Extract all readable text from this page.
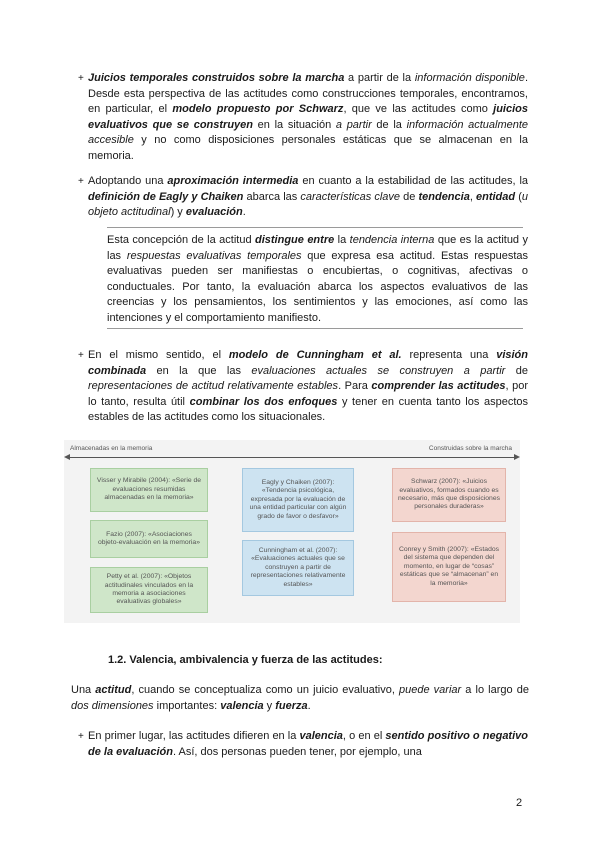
+ Juicios temporales construidos sobre la marcha a partir de la información disponible. Desde esta perspectiva de las actitudes como construcciones temporales, encontramos, en particular, el modelo propuesto por Schwarz, que ve las actitudes como juicios evaluativos que se construyen en la situación a partir de la información actualmente accesible y no como disposiciones personales estáticas que se almacenan en la memoria.
+ Adoptando una aproximación intermedia en cuanto a la estabilidad de las actitudes, la definición de Eagly y Chaiken abarca las características clave de tendencia, entidad (u objeto actitudinal) y evaluación.
Esta concepción de la actitud distingue entre la tendencia interna que es la actitud y las respuestas evaluativas temporales que expresa esa actitud. Estas respuestas evaluativas pueden ser manifiestas o encubiertas, o cognitivas, afectivas o conductuales. Por tanto, la evaluación abarca los aspectos evaluativos de las creencias y los pensamientos, los sentimientos y las emociones, así como las intenciones y el comportamiento manifiesto.
+ En el mismo sentido, el modelo de Cunningham et al. representa una visión combinada en la que las evaluaciones actuales se construyen a partir de representaciones de actitud relativamente estables. Para comprender las actitudes, por lo tanto, resulta útil combinar los dos enfoques y tener en cuenta tanto los aspectos estables de las actitudes como los situacionales.
Almacenadas en la memoria	Construidas sobre la marcha
Visser y Mirabile (2004): «Serie de evaluaciones resumidas almacenadas en la memoria»
Fazio (2007): «Asociaciones objeto-evaluación en la memoria»
Petty et al. (2007): «Objetos actitudinales vinculados en la memoria a asociaciones evaluativas globales»
Eagly y Chaiken (2007): «Tendencia psicológica, expresada por la evaluación de una entidad particular con algún grado de favor o desfavor»
Cunningham et al. (2007): «Evaluaciones actuales que se construyen a partir de representaciones relativamente estables»
Schwarz (2007): «Juicios evaluativos, formados cuando es necesario, más que disposiciones personales duraderas»
Conrey y Smith (2007): «Estados del sistema que dependen del momento, en lugar de “cosas” estáticas que se “almacenan” en la memoria»
1.2. Valencia, ambivalencia y fuerza de las actitudes:
Una actitud, cuando se conceptualiza como un juicio evaluativo, puede variar a lo largo de dos dimensiones importantes: valencia y fuerza.
+ En primer lugar, las actitudes difieren en la valencia, o en el sentido positivo o negativo de la evaluación. Así, dos personas pueden tener, por ejemplo, una
2
